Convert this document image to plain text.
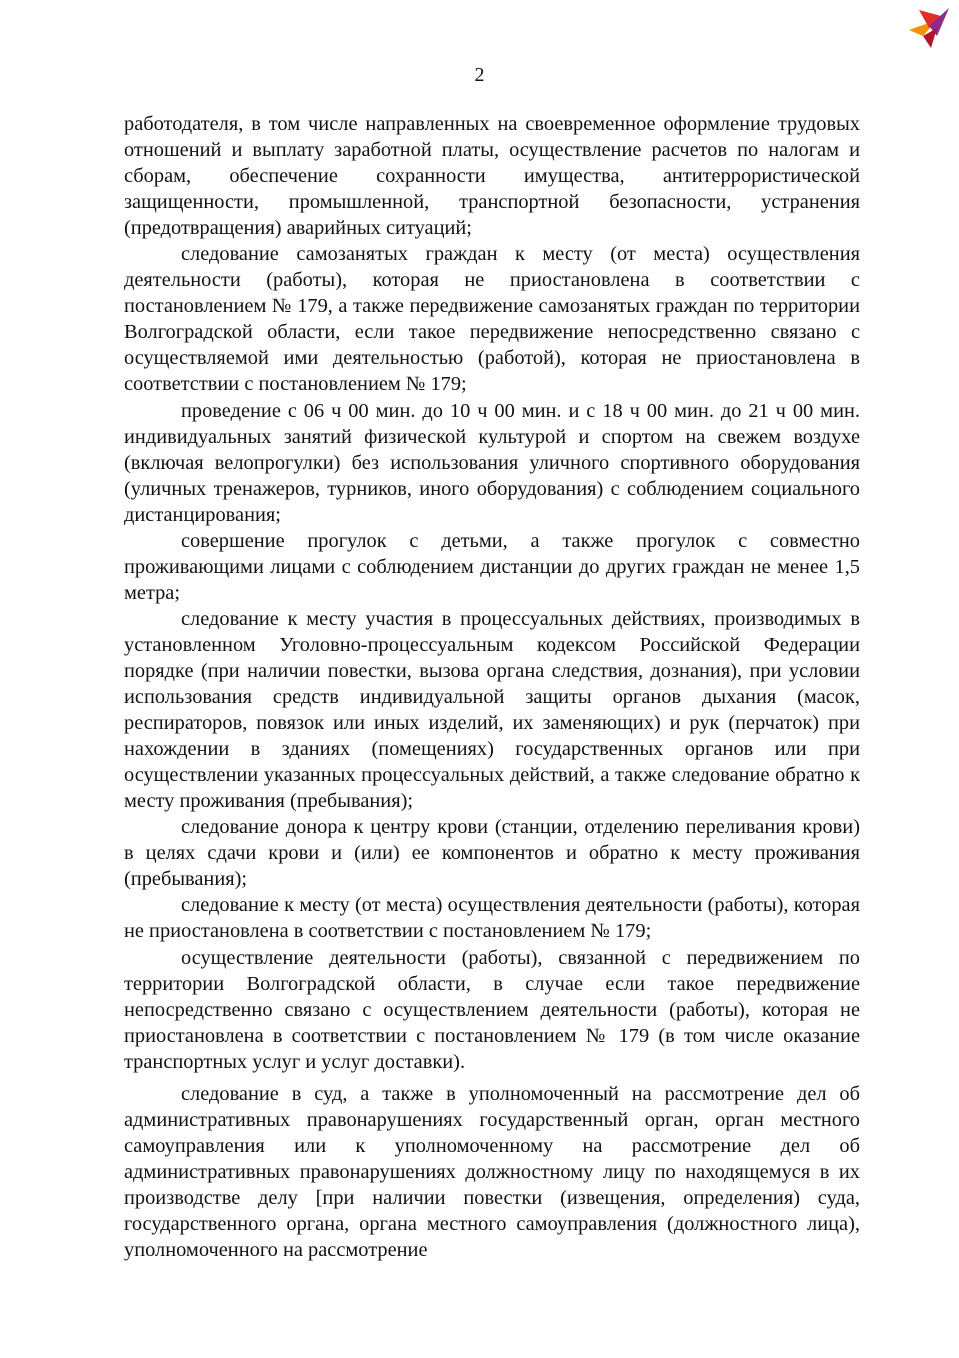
2

работодателя, в том числе направленных на своевременное оформление трудовых отношений и выплату заработной платы, осуществление расчетов по налогам и сборам, обеспечение сохранности имущества, антитеррористической защищенности, промышленной, транспортной безопасности, устранения (предотвращения) аварийных ситуаций;

следование самозанятых граждан к месту (от места) осуществления деятельности (работы), которая не приостановлена в соответствии с постановлением № 179, а также передвижение самозанятых граждан по территории Волгоградской области, если такое передвижение непосредственно связано с осуществляемой ими деятельностью (работой), которая не приостановлена в соответствии с постановлением № 179;

проведение с 06 ч 00 мин. до 10 ч 00 мин. и с 18 ч 00 мин. до 21 ч 00 мин. индивидуальных занятий физической культурой и спортом на свежем воздухе (включая велопрогулки) без использования уличного спортивного оборудования (уличных тренажеров, турников, иного оборудования) с соблюдением социального дистанцирования;

совершение прогулок с детьми, а также прогулок с совместно проживающими лицами с соблюдением дистанции до других граждан не менее 1,5 метра;

следование к месту участия в процессуальных действиях, производимых в установленном Уголовно-процессуальным кодексом Российской Федерации порядке (при наличии повестки, вызова органа следствия, дознания), при условии использования средств индивидуальной защиты органов дыхания (масок, респираторов, повязок или иных изделий, их заменяющих) и рук (перчаток) при нахождении в зданиях (помещениях) государственных органов или при осуществлении указанных процессуальных действий, а также следование обратно к месту проживания (пребывания);

следование донора к центру крови (станции, отделению переливания крови) в целях сдачи крови и (или) ее компонентов и обратно к месту проживания (пребывания);

следование к месту (от места) осуществления деятельности (работы), которая не приостановлена в соответствии с постановлением № 179;

осуществление деятельности (работы), связанной с передвижением по территории Волгоградской области, в случае если такое передвижение непосредственно связано с осуществлением деятельности (работы), которая не приостановлена в соответствии с постановлением № 179 (в том числе оказание транспортных услуг и услуг доставки).

следование в суд, а также в уполномоченный на рассмотрение дел об административных правонарушениях государственный орган, орган местного самоуправления или к уполномоченному на рассмотрение дел об административных правонарушениях должностному лицу по находящемуся в их производстве делу [при наличии повестки (извещения, определения) суда, государственного органа, органа местного самоуправления (должностного лица), уполномоченного на рассмотрение
